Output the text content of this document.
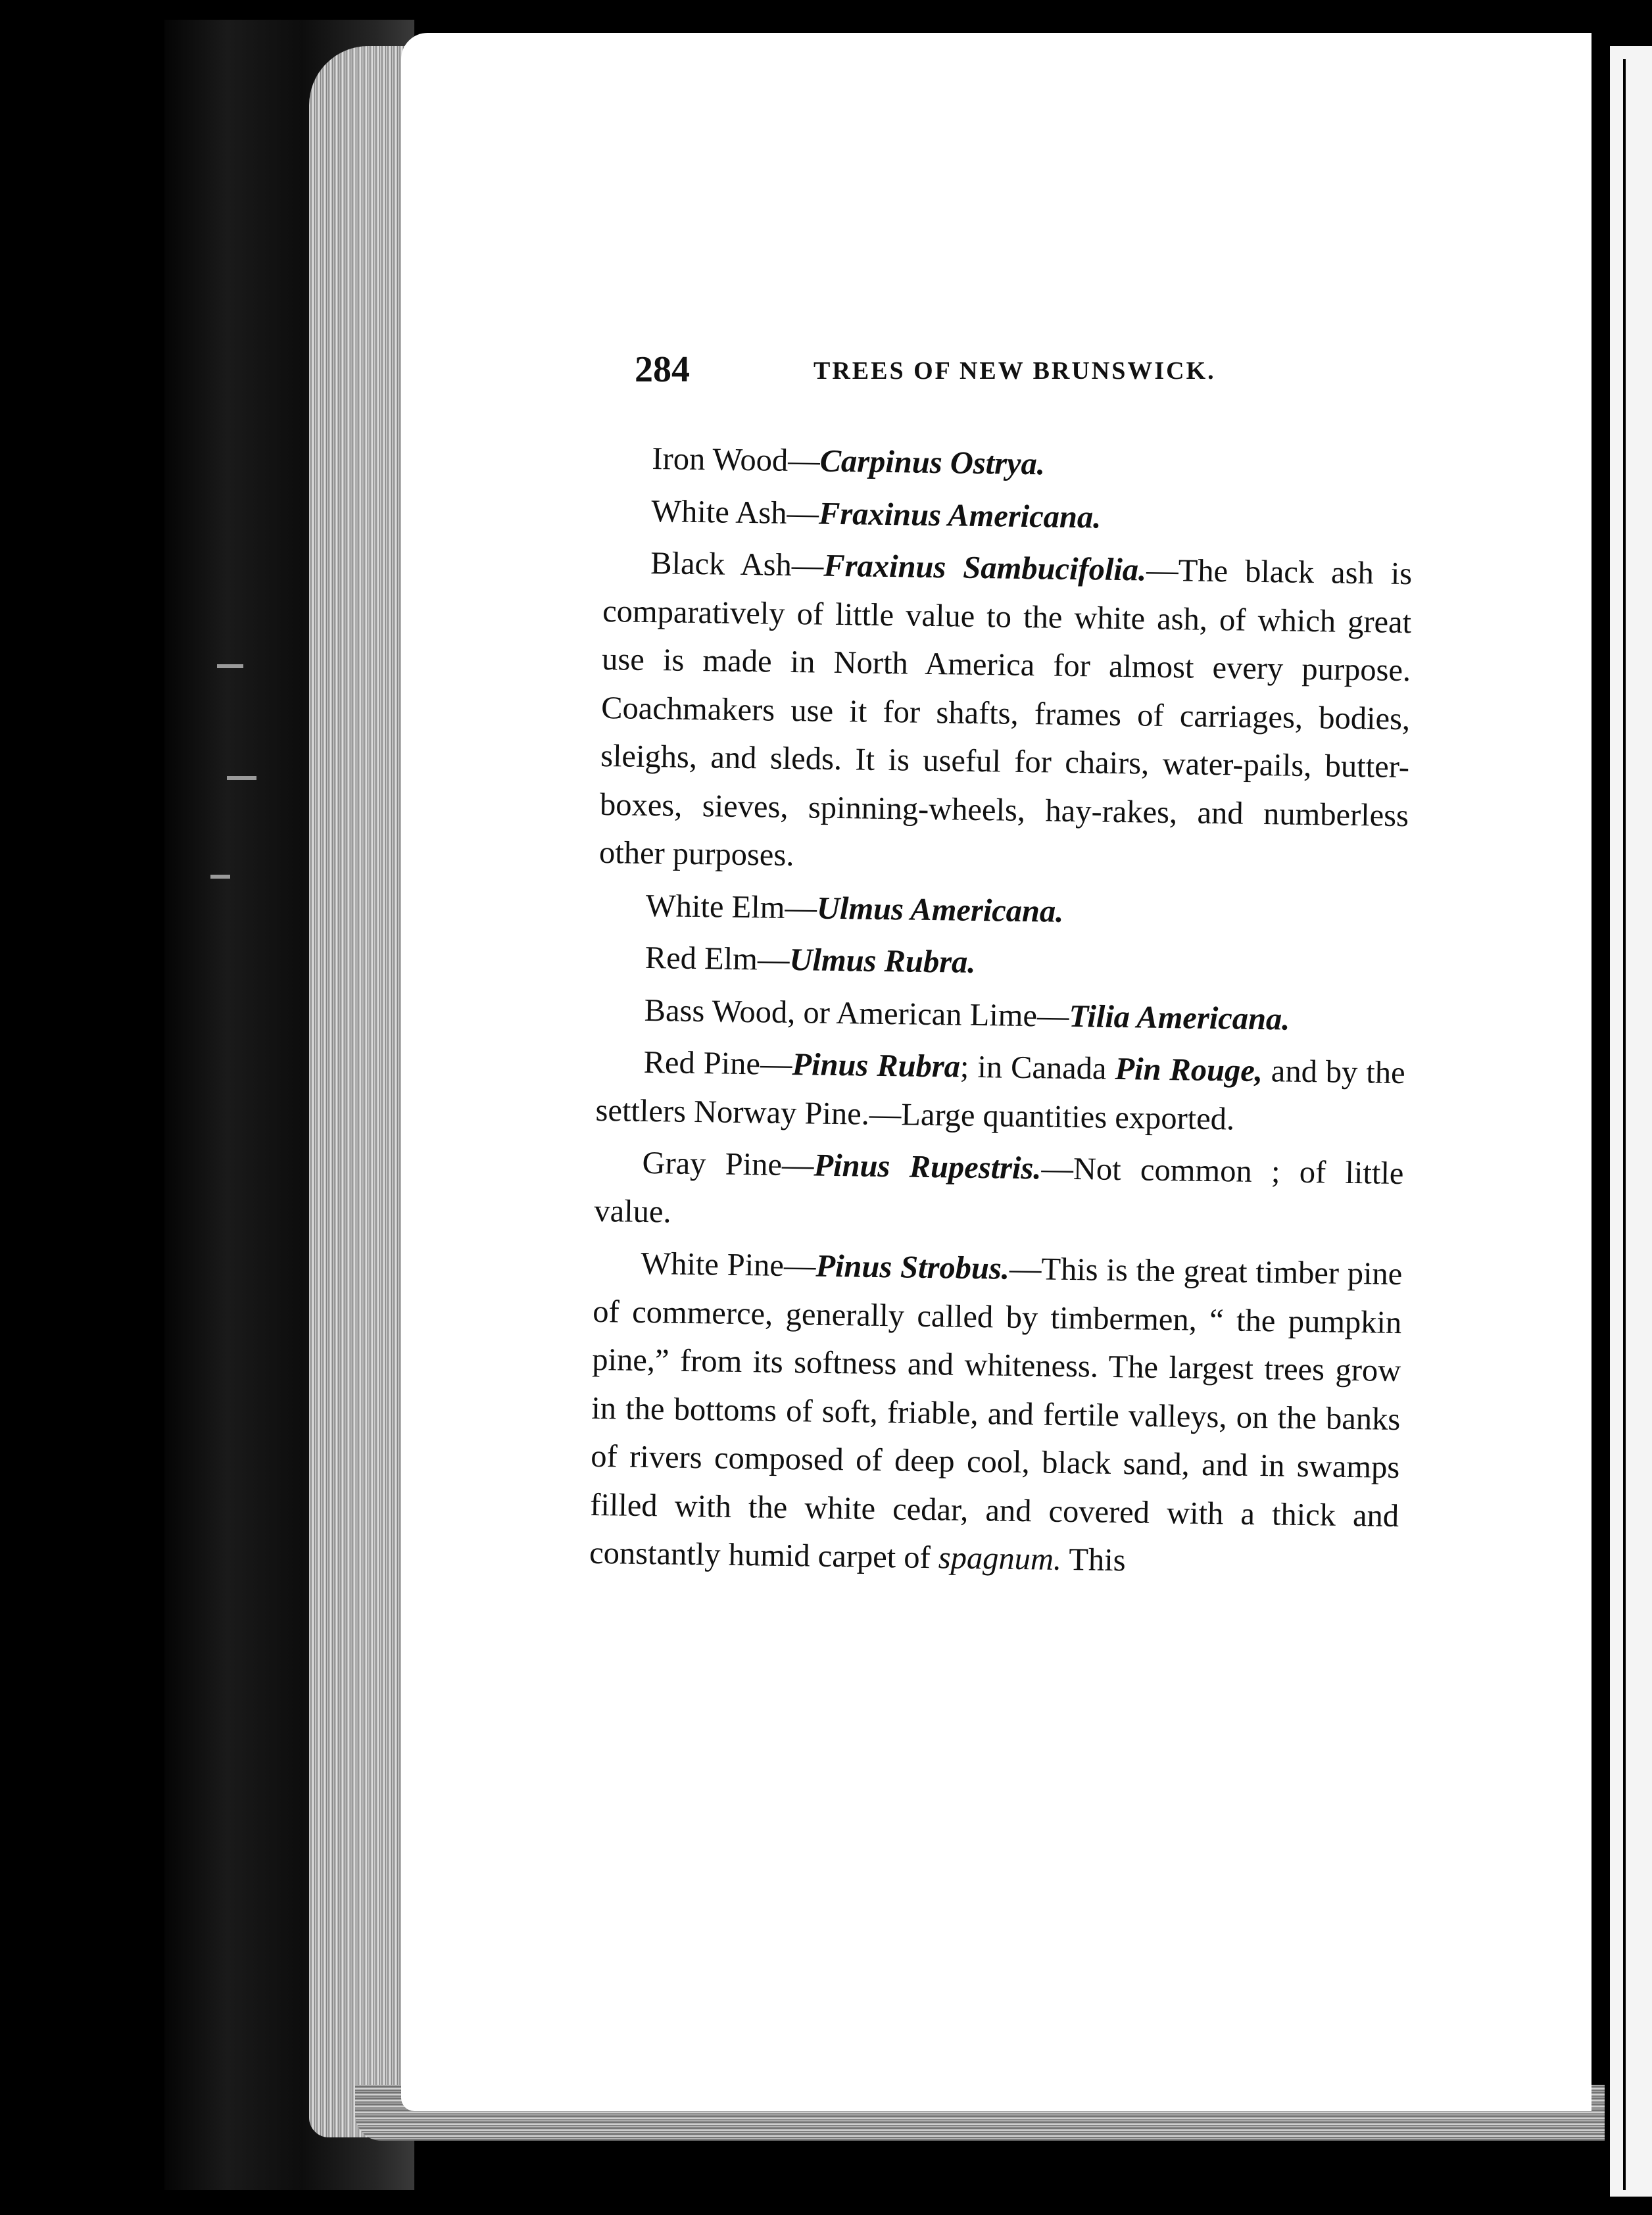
284	TREES OF NEW BRUNSWICK.

Iron Wood—Carpinus Ostrya.

White Ash—Fraxinus Americana.

Black Ash—Fraxinus Sambucifolia.—The black ash is comparatively of little value to the white ash, of which great use is made in North America for almost every purpose. Coachmakers use it for shafts, frames of carriages, bodies, sleighs, and sleds. It is useful for chairs, water-pails, butter-boxes, sieves, spinning-wheels, hay-rakes, and numberless other purposes.

White Elm—Ulmus Americana.

Red Elm—Ulmus Rubra.

Bass Wood, or American Lime—Tilia Americana.

Red Pine—Pinus Rubra; in Canada Pin Rouge, and by the settlers Norway Pine.—Large quantities exported.

Gray Pine—Pinus Rupestris.—Not common ; of little value.

White Pine—Pinus Strobus.—This is the great timber pine of commerce, generally called by timbermen, “ the pumpkin pine,” from its softness and whiteness. The largest trees grow in the bottoms of soft, friable, and fertile valleys, on the banks of rivers composed of deep cool, black sand, and in swamps filled with the white cedar, and covered with a thick and constantly humid carpet of spagnum. This
